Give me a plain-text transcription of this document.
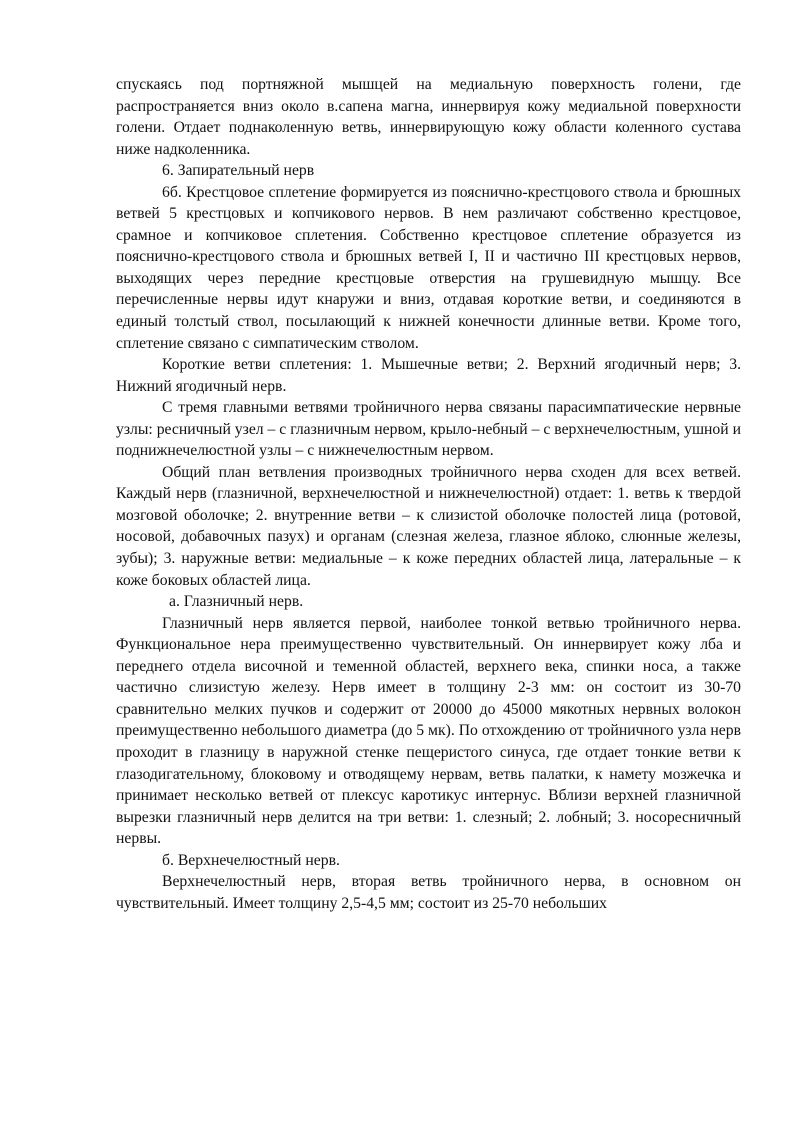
спускаясь под портняжной мышцей на медиальную поверхность голени, где распространяется вниз около в.сапена магна, иннервируя кожу медиальной поверхности голени. Отдает поднаколенную ветвь, иннервирующую кожу области коленного сустава ниже надколенника.

6. Запирательный нерв

6б. Крестцовое сплетение формируется из пояснично-крестцового ствола и брюшных ветвей 5 крестцовых и копчикового нервов. В нем различают собственно крестцовое, срамное и копчиковое сплетения. Собственно крестцовое сплетение образуется из пояснично-крестцового ствола и брюшных ветвей I, II и частично III крестцовых нервов, выходящих через передние крестцовые отверстия на грушевидную мышцу. Все перечисленные нервы идут кнаружи и вниз, отдавая короткие ветви, и соединяются в единый толстый ствол, посылающий к нижней конечности длинные ветви. Кроме того, сплетение связано с симпатическим стволом.

Короткие ветви сплетения: 1. Мышечные ветви; 2. Верхний ягодичный нерв; 3. Нижний ягодичный нерв.

С тремя главными ветвями тройничного нерва связаны парасимпатические нервные узлы: ресничный узел – с глазничным нервом, крыло-небный – с верхнечелюстным, ушной и поднижнечелюстной узлы – с нижнечелюстным нервом.

Общий план ветвления производных тройничного нерва сходен для всех ветвей. Каждый нерв (глазничной, верхнечелюстной и нижнечелюстной) отдает: 1. ветвь к твердой мозговой оболочке; 2. внутренние ветви – к слизистой оболочке полостей лица (ротовой, носовой, добавочных пазух) и органам (слезная железа, глазное яблоко, слюнные железы, зубы); 3. наружные ветви: медиальные – к коже передних областей лица, латеральные – к коже боковых областей лица.

а. Глазничный нерв.

Глазничный нерв является первой, наиболее тонкой ветвью тройничного нерва. Функциональное нера преимущественно чувствительный. Он иннервирует кожу лба и переднего отдела височной и теменной областей, верхнего века, спинки носа, а также частично слизистую железу. Нерв имеет в толщину 2-3 мм: он состоит из 30-70 сравнительно мелких пучков и содержит от 20000 до 45000 мякотных нервных волокон преимущественно небольшого диаметра (до 5 мк). По отхождению от тройничного узла нерв проходит в глазницу в наружной стенке пещеристого синуса, где отдает тонкие ветви к глазодигательному, блоковому и отводящему нервам, ветвь палатки, к намету мозжечка и принимает несколько ветвей от плексус каротикус интернус. Вблизи верхней глазничной вырезки глазничный нерв делится на три ветви: 1. слезный; 2. лобный; 3. носоресничный нервы.

б. Верхнечелюстный нерв.

Верхнечелюстный нерв, вторая ветвь тройничного нерва, в основном он чувствительный. Имеет толщину 2,5-4,5 мм; состоит из 25-70 небольших
